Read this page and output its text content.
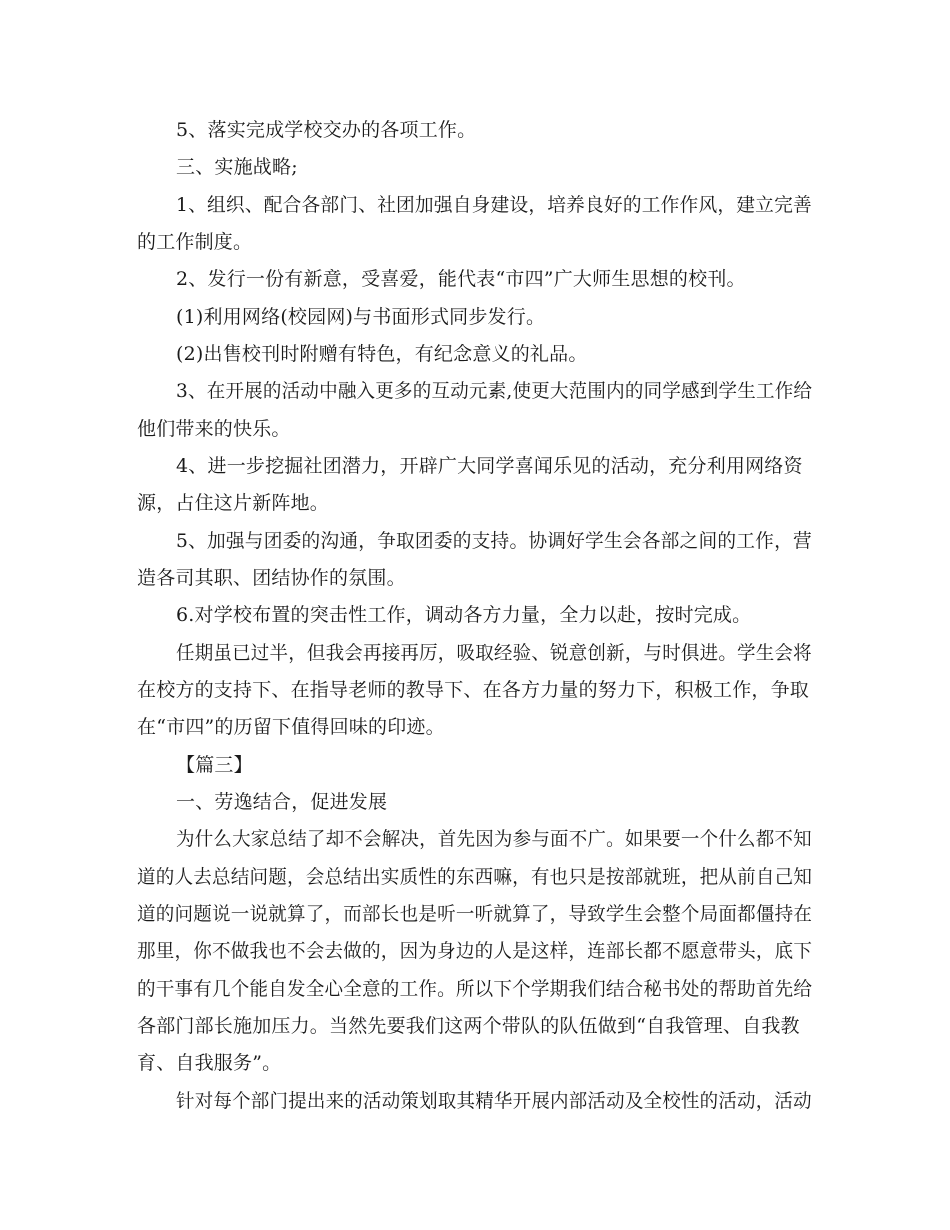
5、落实完成学校交办的各项工作。
三、实施战略;
1、组织、配合各部门、社团加强自身建设，培养良好的工作作风，建立完善
的工作制度。
2、发行一份有新意，受喜爱，能代表“市四”广大师生思想的校刊。
(1)利用网络(校园网)与书面形式同步发行。
(2)出售校刊时附赠有特色，有纪念意义的礼品。
3、在开展的活动中融入更多的互动元素,使更大范围内的同学感到学生工作给
他们带来的快乐。
4、进一步挖掘社团潜力，开辟广大同学喜闻乐见的活动，充分利用网络资
源，占住这片新阵地。
5、加强与团委的沟通，争取团委的支持。协调好学生会各部之间的工作，营
造各司其职、团结协作的氛围。
6.对学校布置的突击性工作，调动各方力量，全力以赴，按时完成。
任期虽已过半，但我会再接再厉，吸取经验、锐意创新，与时俱进。学生会将
在校方的支持下、在指导老师的教导下、在各方力量的努力下，积极工作，争取
在“市四”的历留下值得回味的印迹。
【篇三】
一、劳逸结合，促进发展
为什么大家总结了却不会解决，首先因为参与面不广。如果要一个什么都不知
道的人去总结问题，会总结出实质性的东西嘛，有也只是按部就班，把从前自己知
道的问题说一说就算了，而部长也是听一听就算了，导致学生会整个局面都僵持在
那里，你不做我也不会去做的，因为身边的人是这样，连部长都不愿意带头，底下
的干事有几个能自发全心全意的工作。所以下个学期我们结合秘书处的帮助首先给
各部门部长施加压力。当然先要我们这两个带队的队伍做到“自我管理、自我教
育、自我服务”。
针对每个部门提出来的活动策划取其精华开展内部活动及全校性的活动，活动
